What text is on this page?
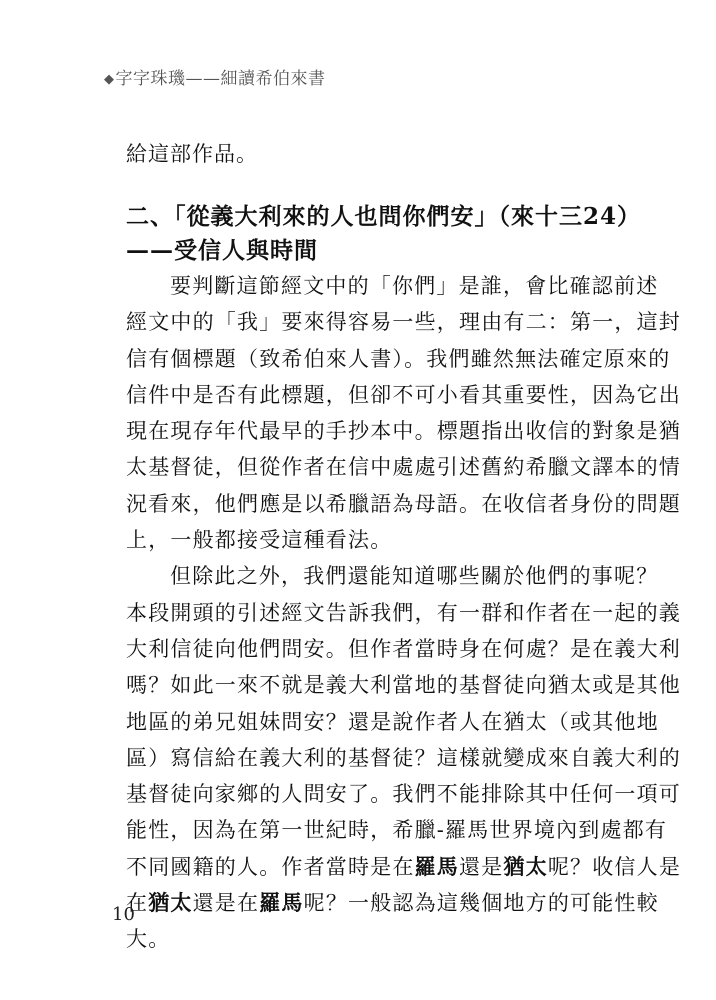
◆字字珠璣——細讀希伯來書
給這部作品。
二、「從義大利來的人也問你們安」（來十三24）
——受信人與時間
要判斷這節經文中的「你們」是誰，會比確認前述
經文中的「我」要來得容易一些，理由有二：第一，這封
信有個標題（致希伯來人書）。我們雖然無法確定原來的
信件中是否有此標題，但卻不可小看其重要性，因為它出
現在現存年代最早的手抄本中。標題指出收信的對象是猶
太基督徒，但從作者在信中處處引述舊約希臘文譯本的情
況看來，他們應是以希臘語為母語。在收信者身份的問題
上，一般都接受這種看法。
但除此之外，我們還能知道哪些關於他們的事呢？
本段開頭的引述經文告訴我們，有一群和作者在一起的義
大利信徒向他們問安。但作者當時身在何處？是在義大利
嗎？如此一來不就是義大利當地的基督徒向猶太或是其他
地區的弟兄姐妹問安？還是說作者人在猶太（或其他地
區）寫信給在義大利的基督徒？這樣就變成來自義大利的
基督徒向家鄉的人問安了。我們不能排除其中任何一項可
能性，因為在第一世紀時，希臘-羅馬世界境內到處都有
不同國籍的人。作者當時是在羅馬還是猶太呢？收信人是
在猶太還是在羅馬呢？一般認為這幾個地方的可能性較
大。
10
